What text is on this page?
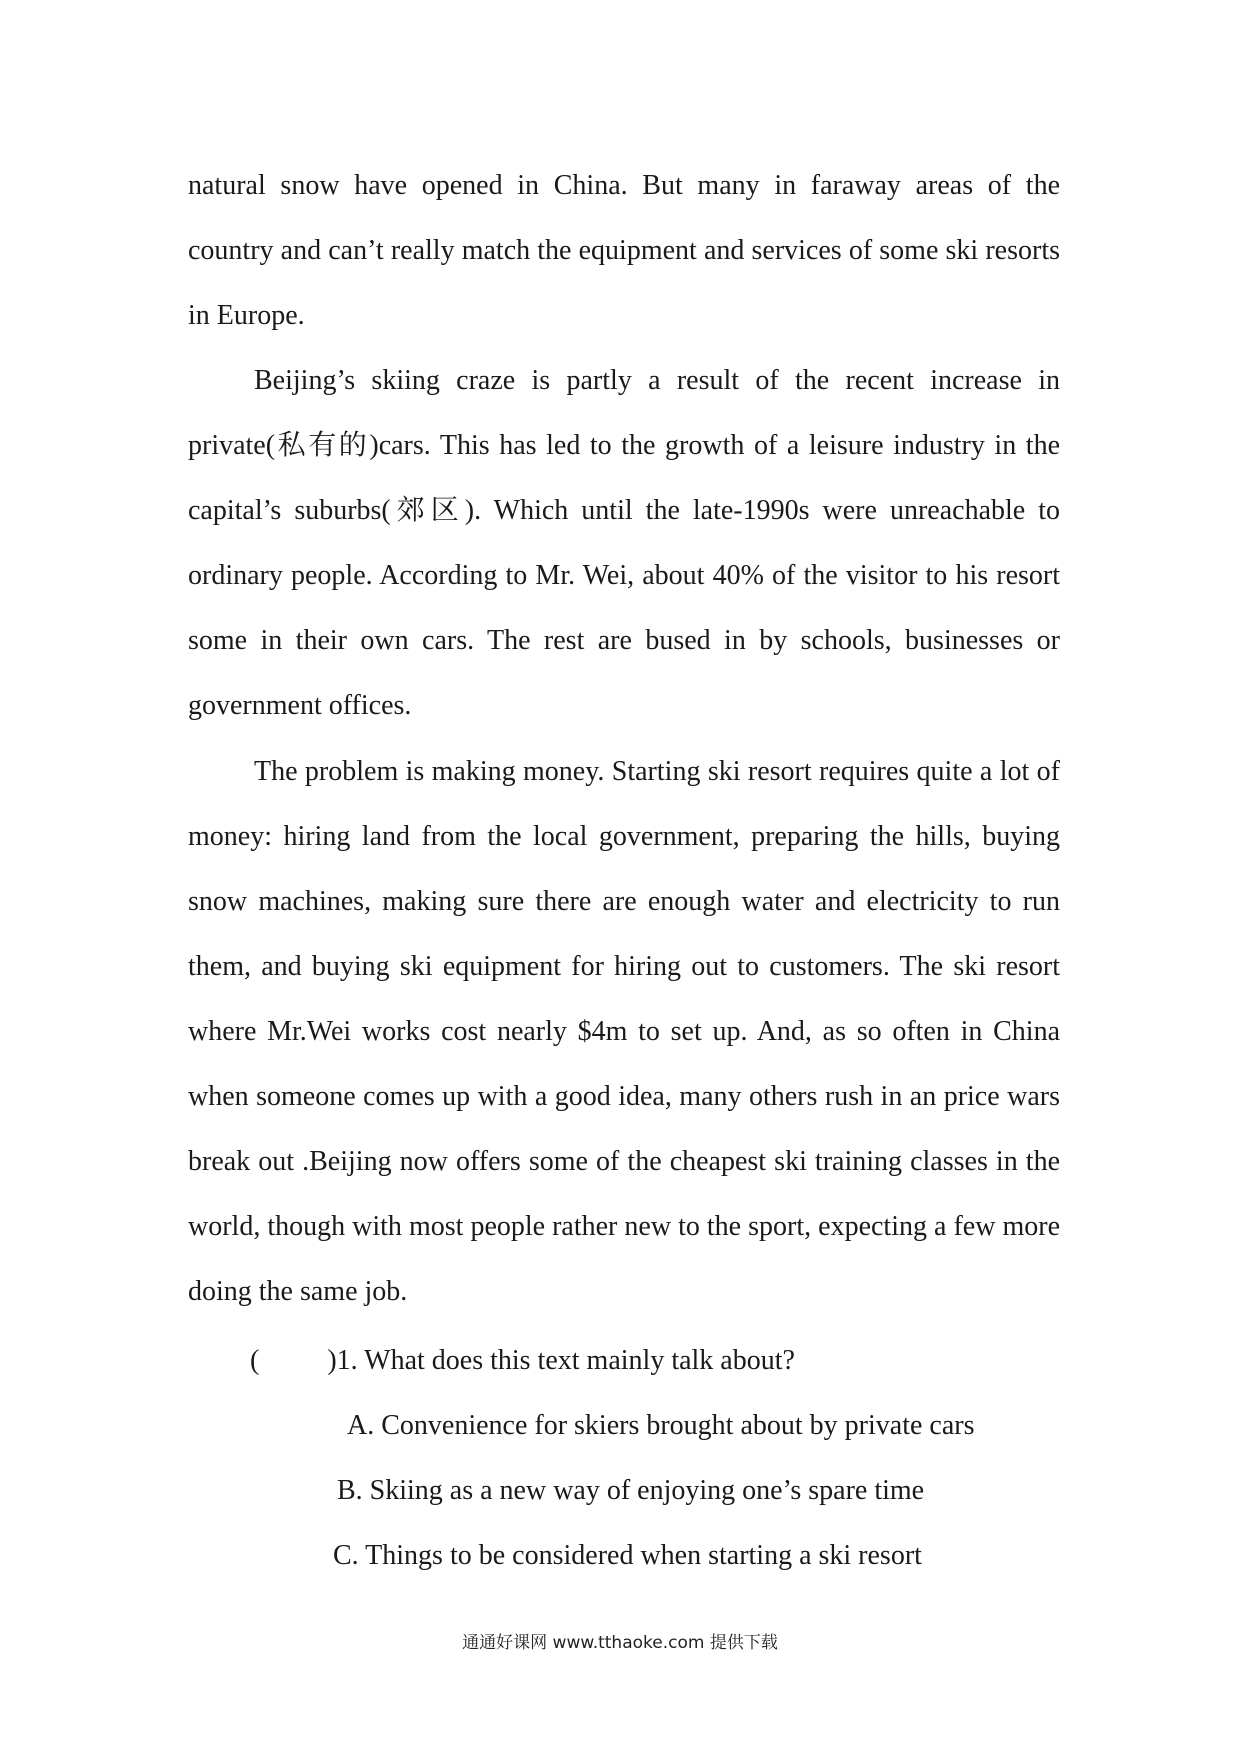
natural snow have opened in China. But many in faraway areas of the country and can’t really match the equipment and services of some ski resorts in Europe.

Beijing’s skiing craze is partly a result of the recent increase in private(私有的)cars. This has led to the growth of a leisure industry in the capital’s suburbs(郊区). Which until the late-1990s were unreachable to ordinary people. According to Mr. Wei, about 40% of the visitor to his resort some in their own cars. The rest are bused in by schools, businesses or government offices.

The problem is making money. Starting ski resort requires quite a lot of money: hiring land from the local government, preparing the hills, buying snow machines, making sure there are enough water and electricity to run them, and buying ski equipment for hiring out to customers. The ski resort where Mr.Wei works cost nearly $4m to set up. And, as so often in China when someone comes up with a good idea, many others rush in an price wars break out .Beijing now offers some of the cheapest ski training classes in the world, though with most people rather new to the sport, expecting a few more doing the same job.

( )1. What does this text mainly talk about?

A. Convenience for skiers brought about by private cars

B. Skiing as a new way of enjoying one’s spare time

C. Things to be considered when starting a ski resort

通通好课网 www.tthaoke.com 提供下载
